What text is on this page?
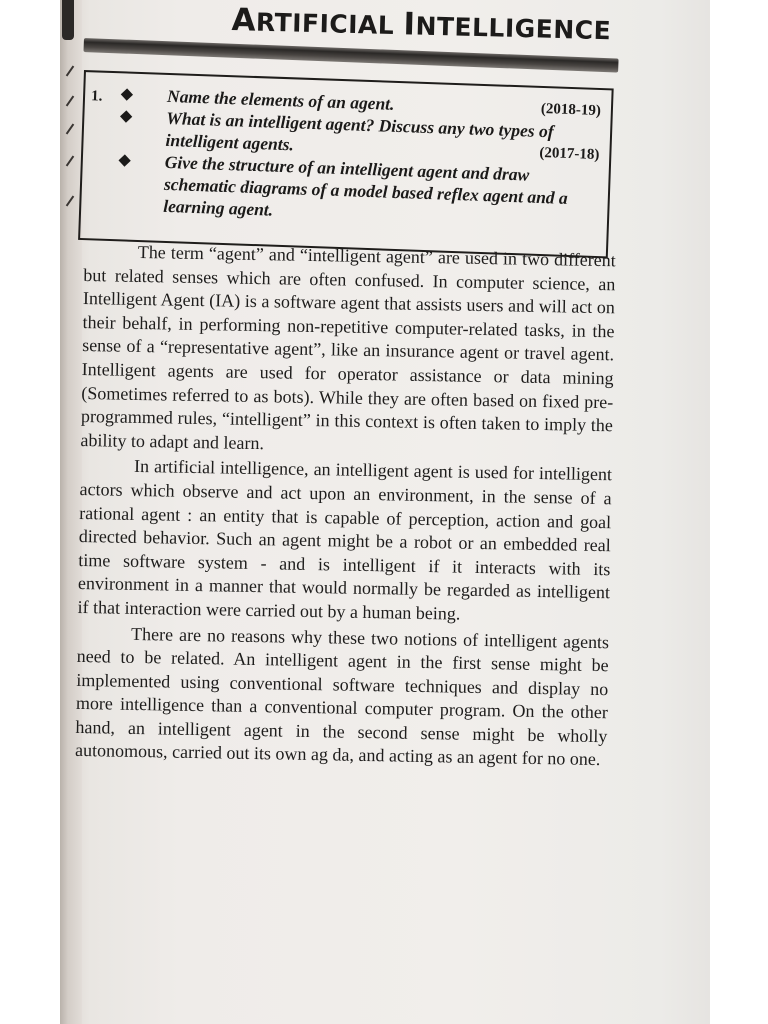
ARTIFICIAL INTELLIGENCE
1. ◆ Name the elements of an agent.	(2018-19)
◆ What is an intelligent agent? Discuss any two types of intelligent agents.	(2017-18)
◆ Give the structure of an intelligent agent and draw schematic diagrams of a model based reflex agent and a learning agent.

The term “agent” and “intelligent agent” are used in two different but related senses which are often confused. In computer science, an Intelligent Agent (IA) is a software agent that assists users and will act on their behalf, in performing non-repetitive computer-related tasks, in the sense of a “representative agent”, like an insurance agent or travel agent. Intelligent agents are used for operator assistance or data mining (Sometimes referred to as bots). While they are often based on fixed pre-programmed rules, “intelligent” in this context is often taken to imply the ability to adapt and learn.

In artificial intelligence, an intelligent agent is used for intelligent actors which observe and act upon an environment, in the sense of a rational agent : an entity that is capable of perception, action and goal directed behavior. Such an agent might be a robot or an embedded real time software system - and is intelligent if it interacts with its environment in a manner that would normally be regarded as intelligent if that interaction were carried out by a human being.

There are no reasons why these two notions of intelligent agents need to be related. An intelligent agent in the first sense might be implemented using conventional software techniques and display no more intelligence than a conventional computer program. On the other hand, an intelligent agent in the second sense might be wholly autonomous, carried out its own ag da, and acting as an agent for no one.
